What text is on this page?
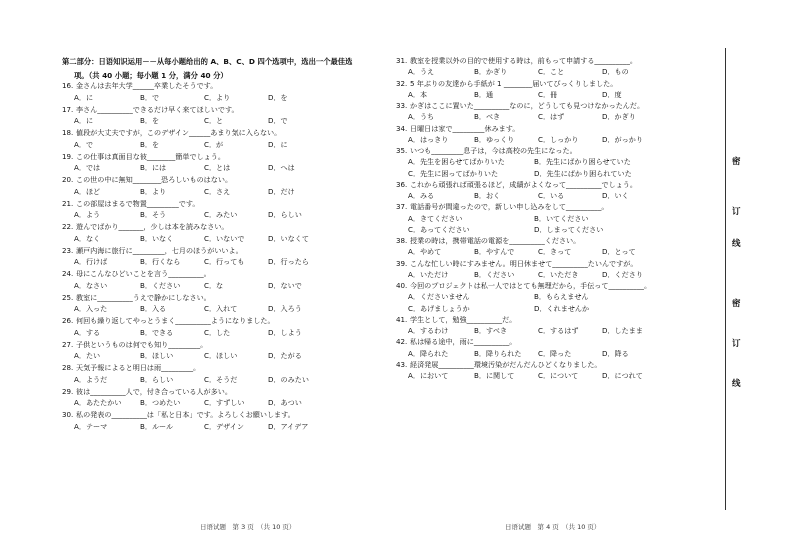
第二部分：日语知识运用－－从每小题给出的 A、B、C、D 四个选项中，选出一个最佳选
项。（共 40 小题；每小题 1 分，满分 40 分）
16. 金さんは去年大学______卒業したそうです。
A．に	B．で	C．より	D．を
17. 李さん__________できるだけ早く来てほしいです。
A．に	B．を	C．と	D．で
18. 値段が大丈夫ですが，このデザイン______あまり気に入らない。
A．で	B．を	C．が	D．に
19. この仕事は真面目な彼________簡単でしょう。
A．では	B．には	C．とは	D．へは
20. この世の中に無知________恐ろしいものはない。
A．ほど	B．より	C．さえ	D．だけ
21. この部屋はまるで物置_________です。
A．よう	B．そう	C．みたい	D．らしい
22. 遊んでばかり_______，少しは本を読みなさい。
A．なく	B．いなく	C．いないで	D．いなくて
23. 瀬戸内海に旅行に_________，七月のほうがいいよ。
A．行けば	B．行くなら	C．行っても	D．行ったら
24. 母にこんなひどいことを言う__________。
A．なさい	B．ください	C．な	D．ないで
25. 教室に__________うえで静かにしなさい。
A．入った	B．入る	C．入れて	D．入ろう
26. 何回も繰り返してやっとうまく__________ようになりました。
A．する	B．できる	C．した	D．しよう
27. 子供というものは何でも知り_________。
A．たい	B．ほしい	C．ほしい	D．たがる
28. 天気予報によると明日は雨_________。
A．ようだ	B．らしい	C．そうだ	D．のみたい
29. 彼は__________人で，付き合っている人が多い。
A．あたたかい	B．つめたい	C．すずしい	D．あつい
30. 私の発表の__________は「私と日本」です。よろしくお願いします。
A．テーマ	B．ルール	C．デザイン	D．アイデア
31. 教室を授業以外の目的で使用する時は，前もって申請する__________。
A．うえ	B．かぎり	C．こと	D．もの
32. 5 年ぶりの友達から手紙が 1 ________届いてびっくりしました。
A．本	B．通	C．冊	D．度
33. かぎはここに置いた__________なのに，どうしても見つけなかったんだ。
A．うち	B．べき	C．はず	D．かぎり
34. 日曜日は家で_________休みます。
A．はっきり	B．ゆっくり	C．しっかり	D．がっかり
35. いつも_________息子は，今は高校の先生になった。
A．先生を困らせてばかりいた	B．先生にばかり困らせていた
C．先生に困ってばかりいた	D．先生にばかり困られていた
36. これから頑張れば頑張るほど，成績がよくなって__________でしょう。
A．みる	B．おく	C．いる	D．いく
37. 電話番号が間違ったので，新しい申し込みをして__________。
A．きてください	B．いてください
C．あってください	D．しまってください
38. 授業の時は，携帯電話の電源を__________ください。
A．やめて	B．やすんで	C．きって	D．とって
39. こんな忙しい時にすみません。明日休ませて__________たいんですが。
A．いただけ	B．ください	C．いただき	D．くださり
40. 今回のプロジェクトは私一人ではとても無理だから，手伝って__________。
A．くださいません	B．もらえません
C．あげましょうか	D．くれませんか
41. 学生として，勉強__________だ。
A．するわけ	B．すべき	C．するはず	D．したまま
42. 私は帰る途中，雨に__________。
A．降られた	B．降りられた C．降った	D．降る
43. 経済発展__________環境汚染がだんだんひどくなりました。
A．において	B．に関して	C．について	D．につれて
日语试题　第 3 页　（共 10 页）	日语试题　第 4 页　（共 10 页）
密
订
线
密
订
线
